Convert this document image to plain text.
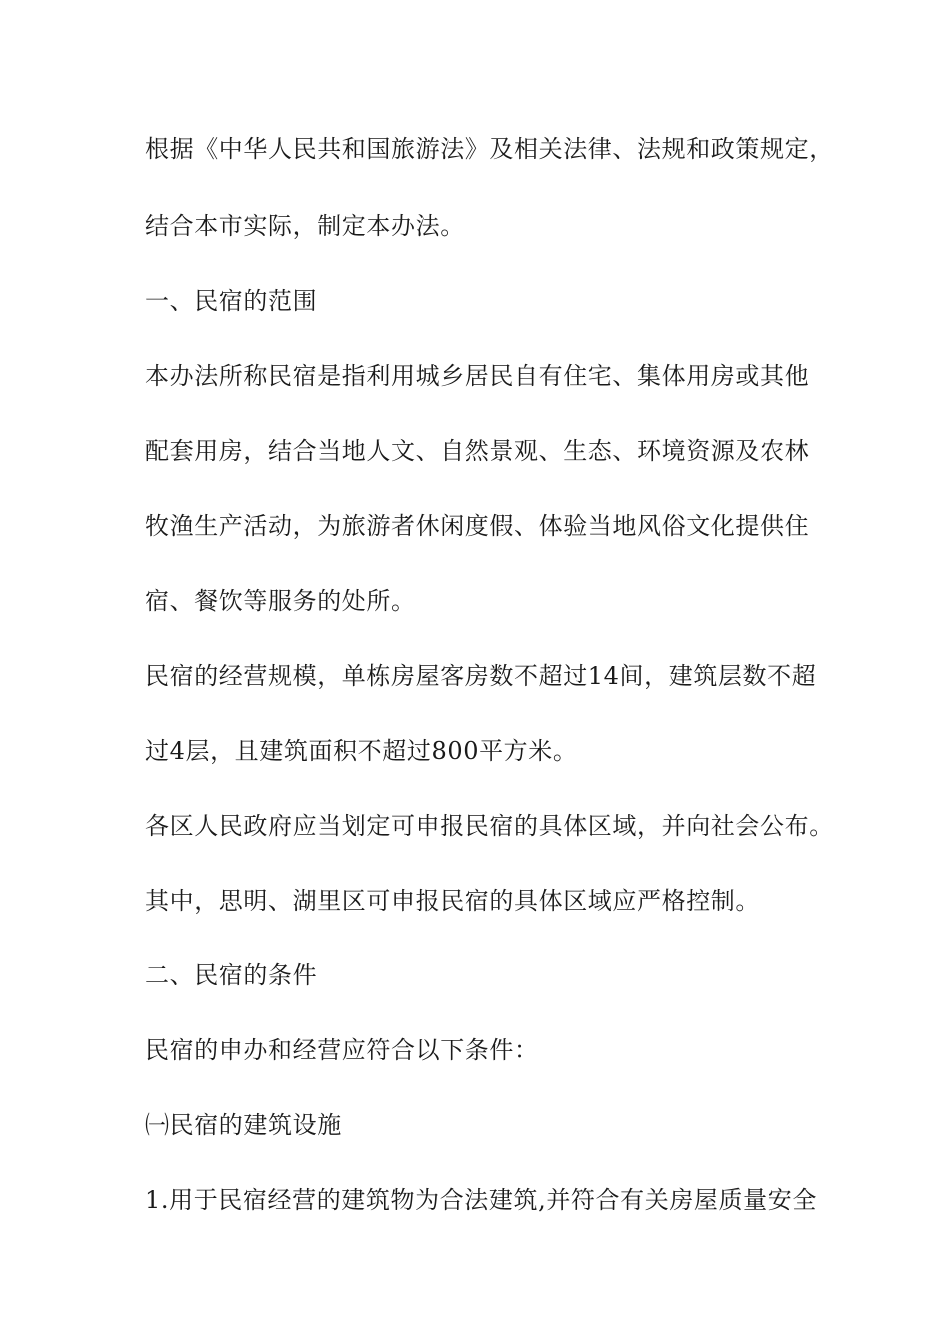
根据《中华人民共和国旅游法》及相关法律、法规和政策规定，
结合本市实际，制定本办法。
一、民宿的范围
本办法所称民宿是指利用城乡居民自有住宅、集体用房或其他
配套用房，结合当地人文、自然景观、生态、环境资源及农林
牧渔生产活动，为旅游者休闲度假、体验当地风俗文化提供住
宿、餐饮等服务的处所。
民宿的经营规模，单栋房屋客房数不超过14间，建筑层数不超
过4层，且建筑面积不超过800平方米。
各区人民政府应当划定可申报民宿的具体区域，并向社会公布。
其中，思明、湖里区可申报民宿的具体区域应严格控制。
二、民宿的条件
民宿的申办和经营应符合以下条件：
㈠民宿的建筑设施
1.用于民宿经营的建筑物为合法建筑,并符合有关房屋质量安全
